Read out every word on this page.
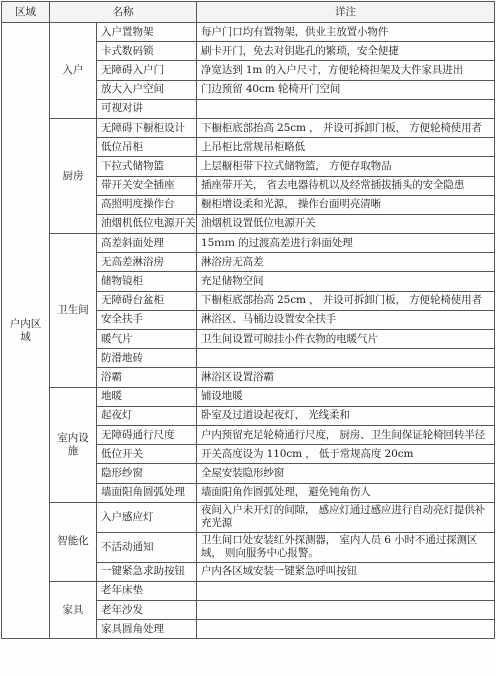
区域	名称		详注
户内区域	入户	入户置物架	每户门口均有置物架，供业主放置小物件
		卡式数码锁	刷卡开门，免去对钥匙孔的繁琐，安全便捷
		无障碍入户门	净宽达到 1m 的入户尺寸，方便轮椅担架及大件家具进出
		放大入户空间	门边预留 40cm 轮椅开门空间
		可视对讲	
	厨房	无障碍下橱柜设计	下橱柜底部抬高 25cm ， 并设可拆卸门板， 方便轮椅使用者
		低位吊柜	上吊柜比常规吊柜略低
		下拉式储物篮	上层橱柜带下拉式储物篮， 方便存取物品
		带开关安全插座	插座带开关， 省去电器待机以及经常插拔插头的安全隐患
		高照明度操作台	橱柜增设柔和光源， 操作台面明亮清晰
		油烟机低位电源开关	油烟机设置低位电源开关
	卫生间	高差斜面处理	15ｍｍ 的过渡高差进行斜面处理
		无高差淋浴房	淋浴房无高差
		储物镜柜	充足储物空间
		无障碍台盆柜	下橱柜底部抬高 25cm ， 并设可拆卸门板， 方便轮椅使用者
		安全扶手	淋浴区、马桶边设置安全扶手
		暖气片	卫生间设置可晾挂小件衣物的电暖气片
		防滑地砖	
		浴霸	淋浴区设置浴霸
	室内设施	地暖	铺设地暖
		起夜灯	卧室及过道设起夜灯， 光线柔和
		无障碍通行尺度	户内预留充足轮椅通行尺度， 厨房、卫生间保证轮椅回转半径
		低位开关	开关高度设为 110cm ， 低于常规高度 20cm
		隐形纱窗	全屋安装隐形纱窗
		墙面阳角圆弧处理	墙面阳角作圆弧处理， 避免钝角伤人
	智能化	入户感应灯	夜间入户未开灯的间隙， 感应灯通过感应进行自动亮灯提供补充光源
		不活动通知	卫生间口处安装红外探测器， 室内人员 6 小时不通过探测区域， 则向服务中心报警。
		一键紧急求助按钮	户内各区域安装一键紧急呼叫按钮
	家具	老年床垫	
		老年沙发	
		家具圆角处理	
